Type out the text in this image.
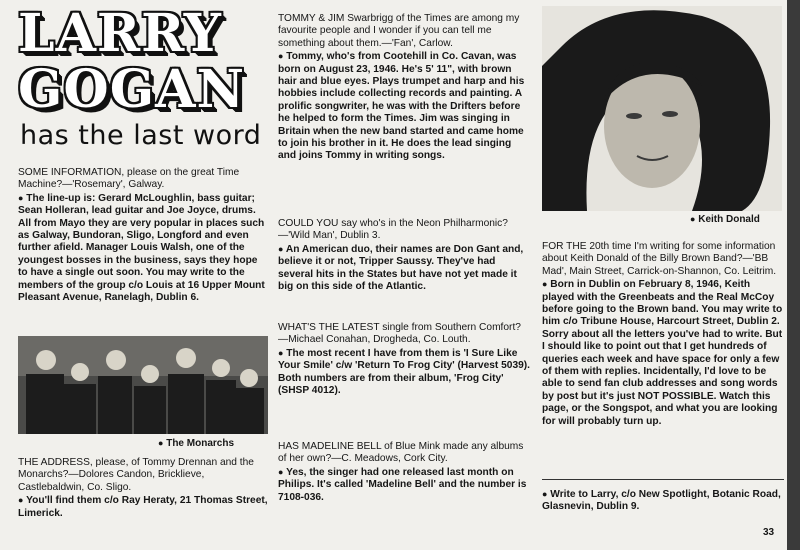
LARRY
GOGAN
has the last word

SOME INFORMATION, please on the great Time Machine?—'Rosemary', Galway.

● The line-up is: Gerard McLoughlin, bass guitar; Sean Holleran, lead guitar and Joe Joyce, drums. All from Mayo they are very popular in places such as Galway, Bundoran, Sligo, Longford and even further afield. Manager Louis Walsh, one of the youngest bosses in the business, says they hope to have a single out soon. You may write to the members of the group c/o Louis at 16 Upper Mount Pleasant Avenue, Ranelagh, Dublin 6.

● The Monarchs

THE ADDRESS, please, of Tommy Drennan and the Monarchs?—Dolores Candon, Bricklieve, Castlebaldwin, Co. Sligo.

● You'll find them c/o Ray Heraty, 21 Thomas Street, Limerick.

TOMMY & JIM Swarbrigg of the Times are among my favourite people and I wonder if you can tell me something about them.—'Fan', Carlow.

● Tommy, who's from Cootehill in Co. Cavan, was born on August 23, 1946. He's 5' 11", with brown hair and blue eyes. Plays trumpet and harp and his hobbies include collecting records and painting. A prolific songwriter, he was with the Drifters before he helped to form the Times. Jim was singing in Britain when the new band started and came home to join his brother in it. He does the lead singing and joins Tommy in writing songs.

COULD YOU say who's in the Neon Philharmonic?—'Wild Man', Dublin 3.

● An American duo, their names are Don Gant and, believe it or not, Tripper Saussy. They've had several hits in the States but have not yet made it big on this side of the Atlantic.

WHAT'S THE LATEST single from Southern Comfort?—Michael Conahan, Drogheda, Co. Louth.

● The most recent I have from them is 'I Sure Like Your Smile' c/w 'Return To Frog City' (Harvest 5039). Both numbers are from their album, 'Frog City' (SHSP 4012).

HAS MADELINE BELL of Blue Mink made any albums of her own?—C. Meadows, Cork City.

● Yes, the singer had one released last month on Philips. It's called 'Madeline Bell' and the number is 7108-036.

● Keith Donald

FOR THE 20th time I'm writing for some information about Keith Donald of the Billy Brown Band?—'BB Mad', Main Street, Carrick-on-Shannon, Co. Leitrim.

● Born in Dublin on February 8, 1946, Keith played with the Greenbeats and the Real McCoy before going to the Brown band. You may write to him c/o Tribune House, Harcourt Street, Dublin 2. Sorry about all the letters you've had to write. But I should like to point out that I get hundreds of queries each week and have space for only a few of them with replies. Incidentally, I'd love to be able to send fan club addresses and song words by post but it's just NOT POSSIBLE. Watch this page, or the Songspot, and what you are looking for will probably turn up.

● Write to Larry, c/o New Spotlight, Botanic Road, Glasnevin, Dublin 9.

33
